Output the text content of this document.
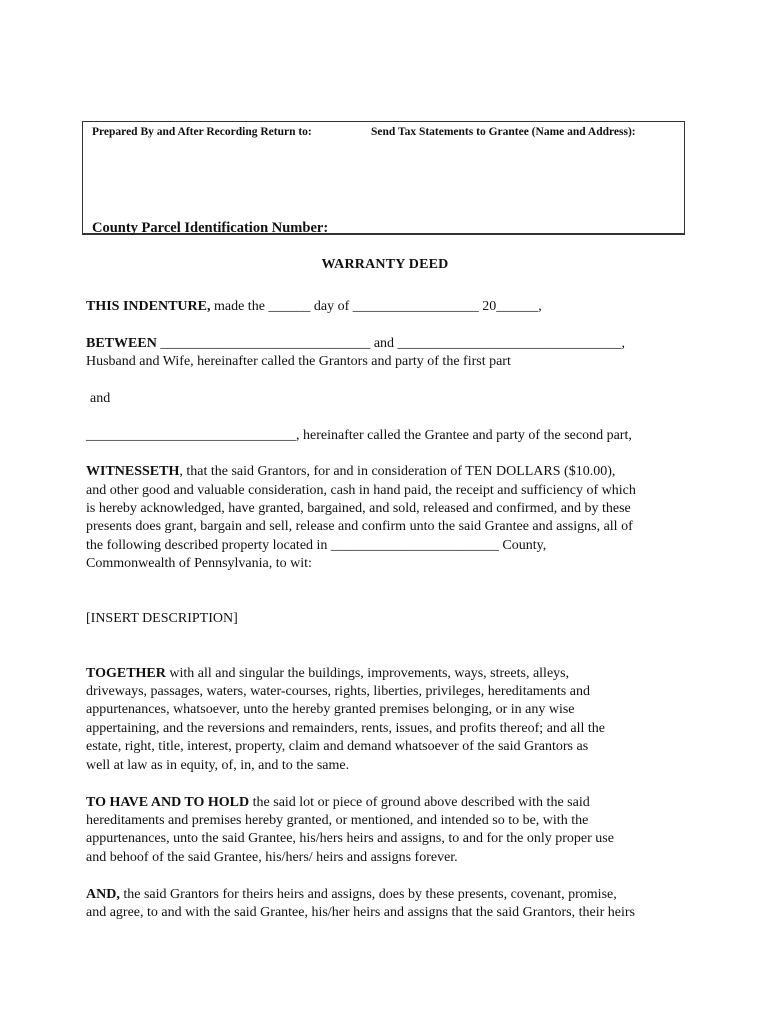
Prepared By and After Recording Return to:	Send Tax Statements to Grantee (Name and Address):
County Parcel Identification Number:
WARRANTY DEED
THIS INDENTURE, made the ______ day of __________________ 20______,
BETWEEN ______________________________ and ________________________________,
Husband and Wife, hereinafter called the Grantors and party of the first part
and
______________________________, hereinafter called the Grantee and party of the second part,
WITNESSETH, that the said Grantors, for and in consideration of TEN DOLLARS ($10.00),
and other good and valuable consideration, cash in hand paid, the receipt and sufficiency of which
is hereby acknowledged, have granted, bargained, and sold, released and confirmed, and by these
presents does grant, bargain and sell, release and confirm unto the said Grantee and assigns, all of
the following described property located in ________________________ County,
Commonwealth of Pennsylvania, to wit:
[INSERT DESCRIPTION]
TOGETHER with all and singular the buildings, improvements, ways, streets, alleys,
driveways, passages, waters, water-courses, rights, liberties, privileges, hereditaments and
appurtenances, whatsoever, unto the hereby granted premises belonging, or in any wise
appertaining, and the reversions and remainders, rents, issues, and profits thereof; and all the
estate, right, title, interest, property, claim and demand whatsoever of the said Grantors as
well at law as in equity, of, in, and to the same.
TO HAVE AND TO HOLD the said lot or piece of ground above described with the said
hereditaments and premises hereby granted, or mentioned, and intended so to be, with the
appurtenances, unto the said Grantee, his/hers heirs and assigns, to and for the only proper use
and behoof of the said Grantee, his/hers/ heirs and assigns forever.
AND, the said Grantors for theirs heirs and assigns, does by these presents, covenant, promise,
and agree, to and with the said Grantee, his/her heirs and assigns that the said Grantors, their heirs
